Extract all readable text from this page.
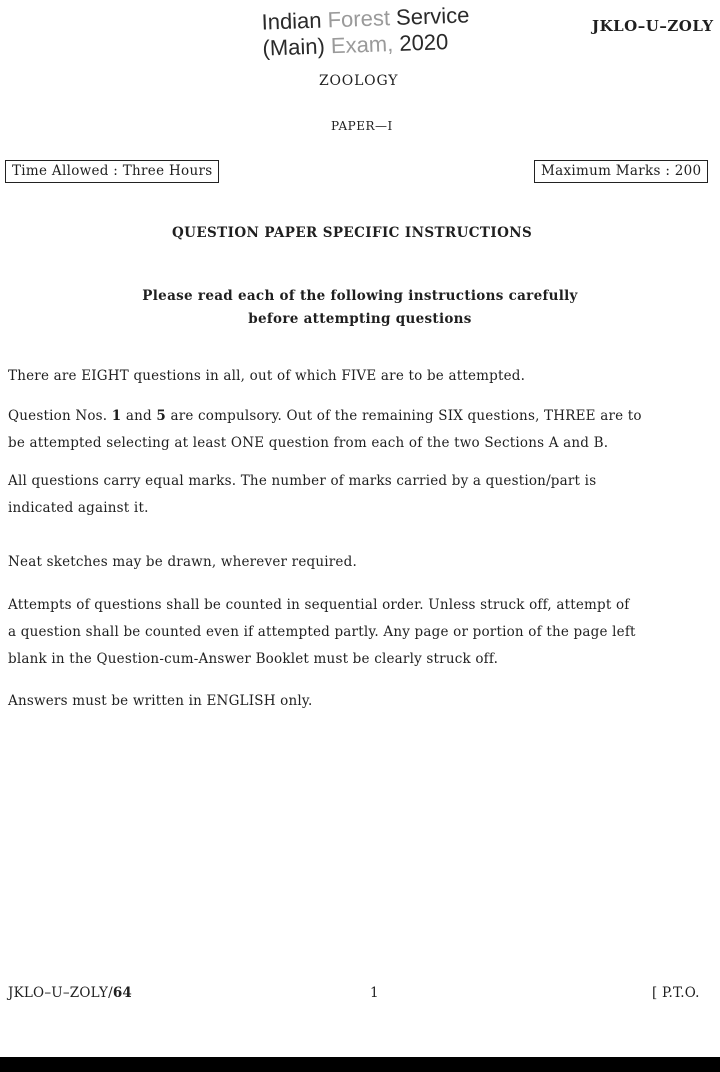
Indian Forest Service
(Main) Exam, 2020
JKLO–U–ZOLY
ZOOLOGY
PAPER—I
Time Allowed : Three Hours	Maximum Marks : 200
QUESTION PAPER SPECIFIC INSTRUCTIONS
Please read each of the following instructions carefully
before attempting questions
There are EIGHT questions in all, out of which FIVE are to be attempted.
Question Nos. 1 and 5 are compulsory. Out of the remaining SIX questions, THREE are to
be attempted selecting at least ONE question from each of the two Sections A and B.
All questions carry equal marks. The number of marks carried by a question/part is
indicated against it.
Neat sketches may be drawn, wherever required.
Attempts of questions shall be counted in sequential order. Unless struck off, attempt of
a question shall be counted even if attempted partly. Any page or portion of the page left
blank in the Question-cum-Answer Booklet must be clearly struck off.
Answers must be written in ENGLISH only.
JKLO–U–ZOLY/64	1	[ P.T.O.
